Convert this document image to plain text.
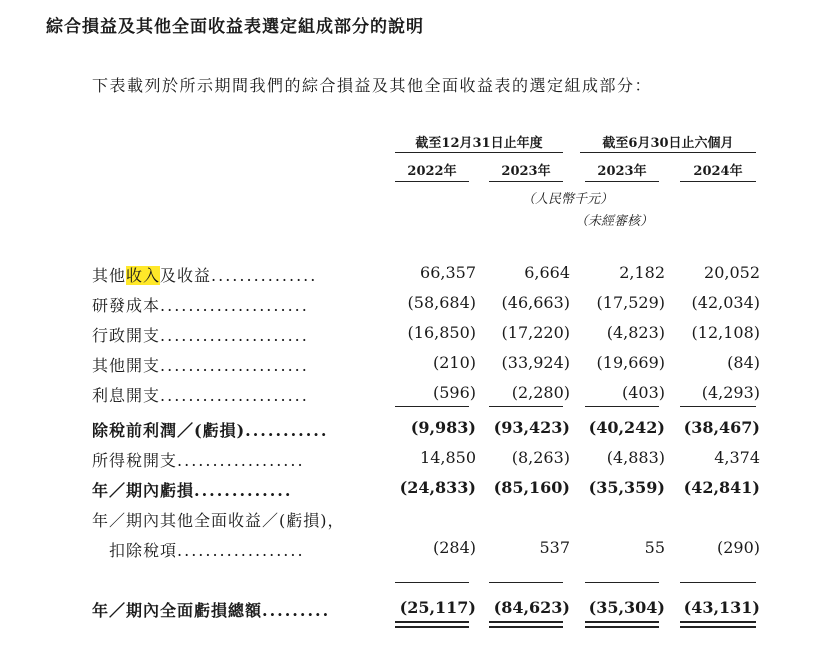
綜合損益及其他全面收益表選定組成部分的說明
下表載列於所示期間我們的綜合損益及其他全面收益表的選定組成部分：
截至12月31日止年度	截至6月30日止六個月
2022年	2023年	2023年	2024年
（人民幣千元）
（未經審核）
其他收入及收益...............	66,357	6,664	2,182	20,052
研發成本.....................	(58,684)	(46,663)	(17,529)	(42,034)
行政開支.....................	(16,850)	(17,220)	(4,823)	(12,108)
其他開支.....................	(210)	(33,924)	(19,669)	(84)
利息開支.....................	(596)	(2,280)	(403)	(4,293)
除稅前利潤／(虧損)...........	(9,983)	(93,423)	(40,242)	(38,467)
所得稅開支..................	14,850	(8,263)	(4,883)	4,374
年／期內虧損.............	(24,833)	(85,160)	(35,359)	(42,841)
年／期內其他全面收益／(虧損)，
　扣除稅項..................	(284)	537	55	(290)
年／期內全面虧損總額.........	(25,117)	(84,623)	(35,304)	(43,131)
